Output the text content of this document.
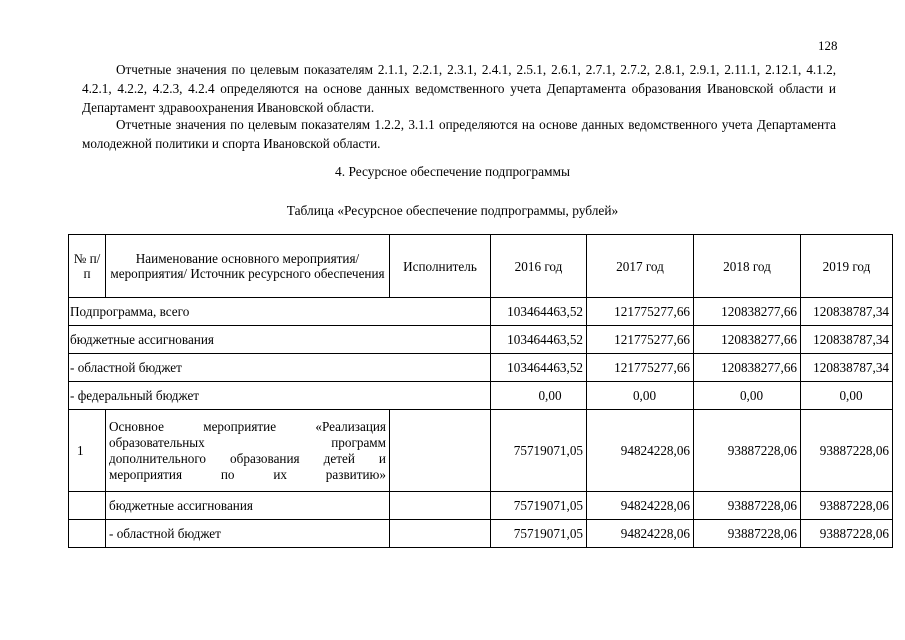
128

Отчетные значения по целевым показателям 2.1.1, 2.2.1, 2.3.1, 2.4.1, 2.5.1, 2.6.1, 2.7.1, 2.7.2, 2.8.1, 2.9.1, 2.11.1, 2.12.1, 4.1.2, 4.2.1, 4.2.2, 4.2.3, 4.2.4 определяются на основе данных ведомственного учета Департамента образования Ивановской области и Департамент здравоохранения Ивановской области.

Отчетные значения по целевым показателям 1.2.2, 3.1.1 определяются на основе данных ведомственного учета Департамента молодежной политики и спорта Ивановской области.

4. Ресурсное обеспечение подпрограммы
Таблица «Ресурсное обеспечение подпрограммы, рублей»
№ п/п	Наименование основного мероприятия/мероприятия/ Источник ресурсного обеспечения	Исполнитель	2016 год	2017 год	2018 год	2019 год
Подпрограмма, всего			103464463,52	121775277,66	120838277,66	120838787,34
бюджетные ассигнования			103464463,52	121775277,66	120838277,66	120838787,34
- областной бюджет			103464463,52	121775277,66	120838277,66	120838787,34
- федеральный бюджет			0,00	0,00	0,00	0,00
1	Основное мероприятие «Реализация
образовательных программ
дополнительного образования детей и
мероприятия по их развитию»		75719071,05	94824228,06	93887228,06	93887228,06
	бюджетные ассигнования		75719071,05	94824228,06	93887228,06	93887228,06
	- областной бюджет		75719071,05	94824228,06	93887228,06	93887228,06
